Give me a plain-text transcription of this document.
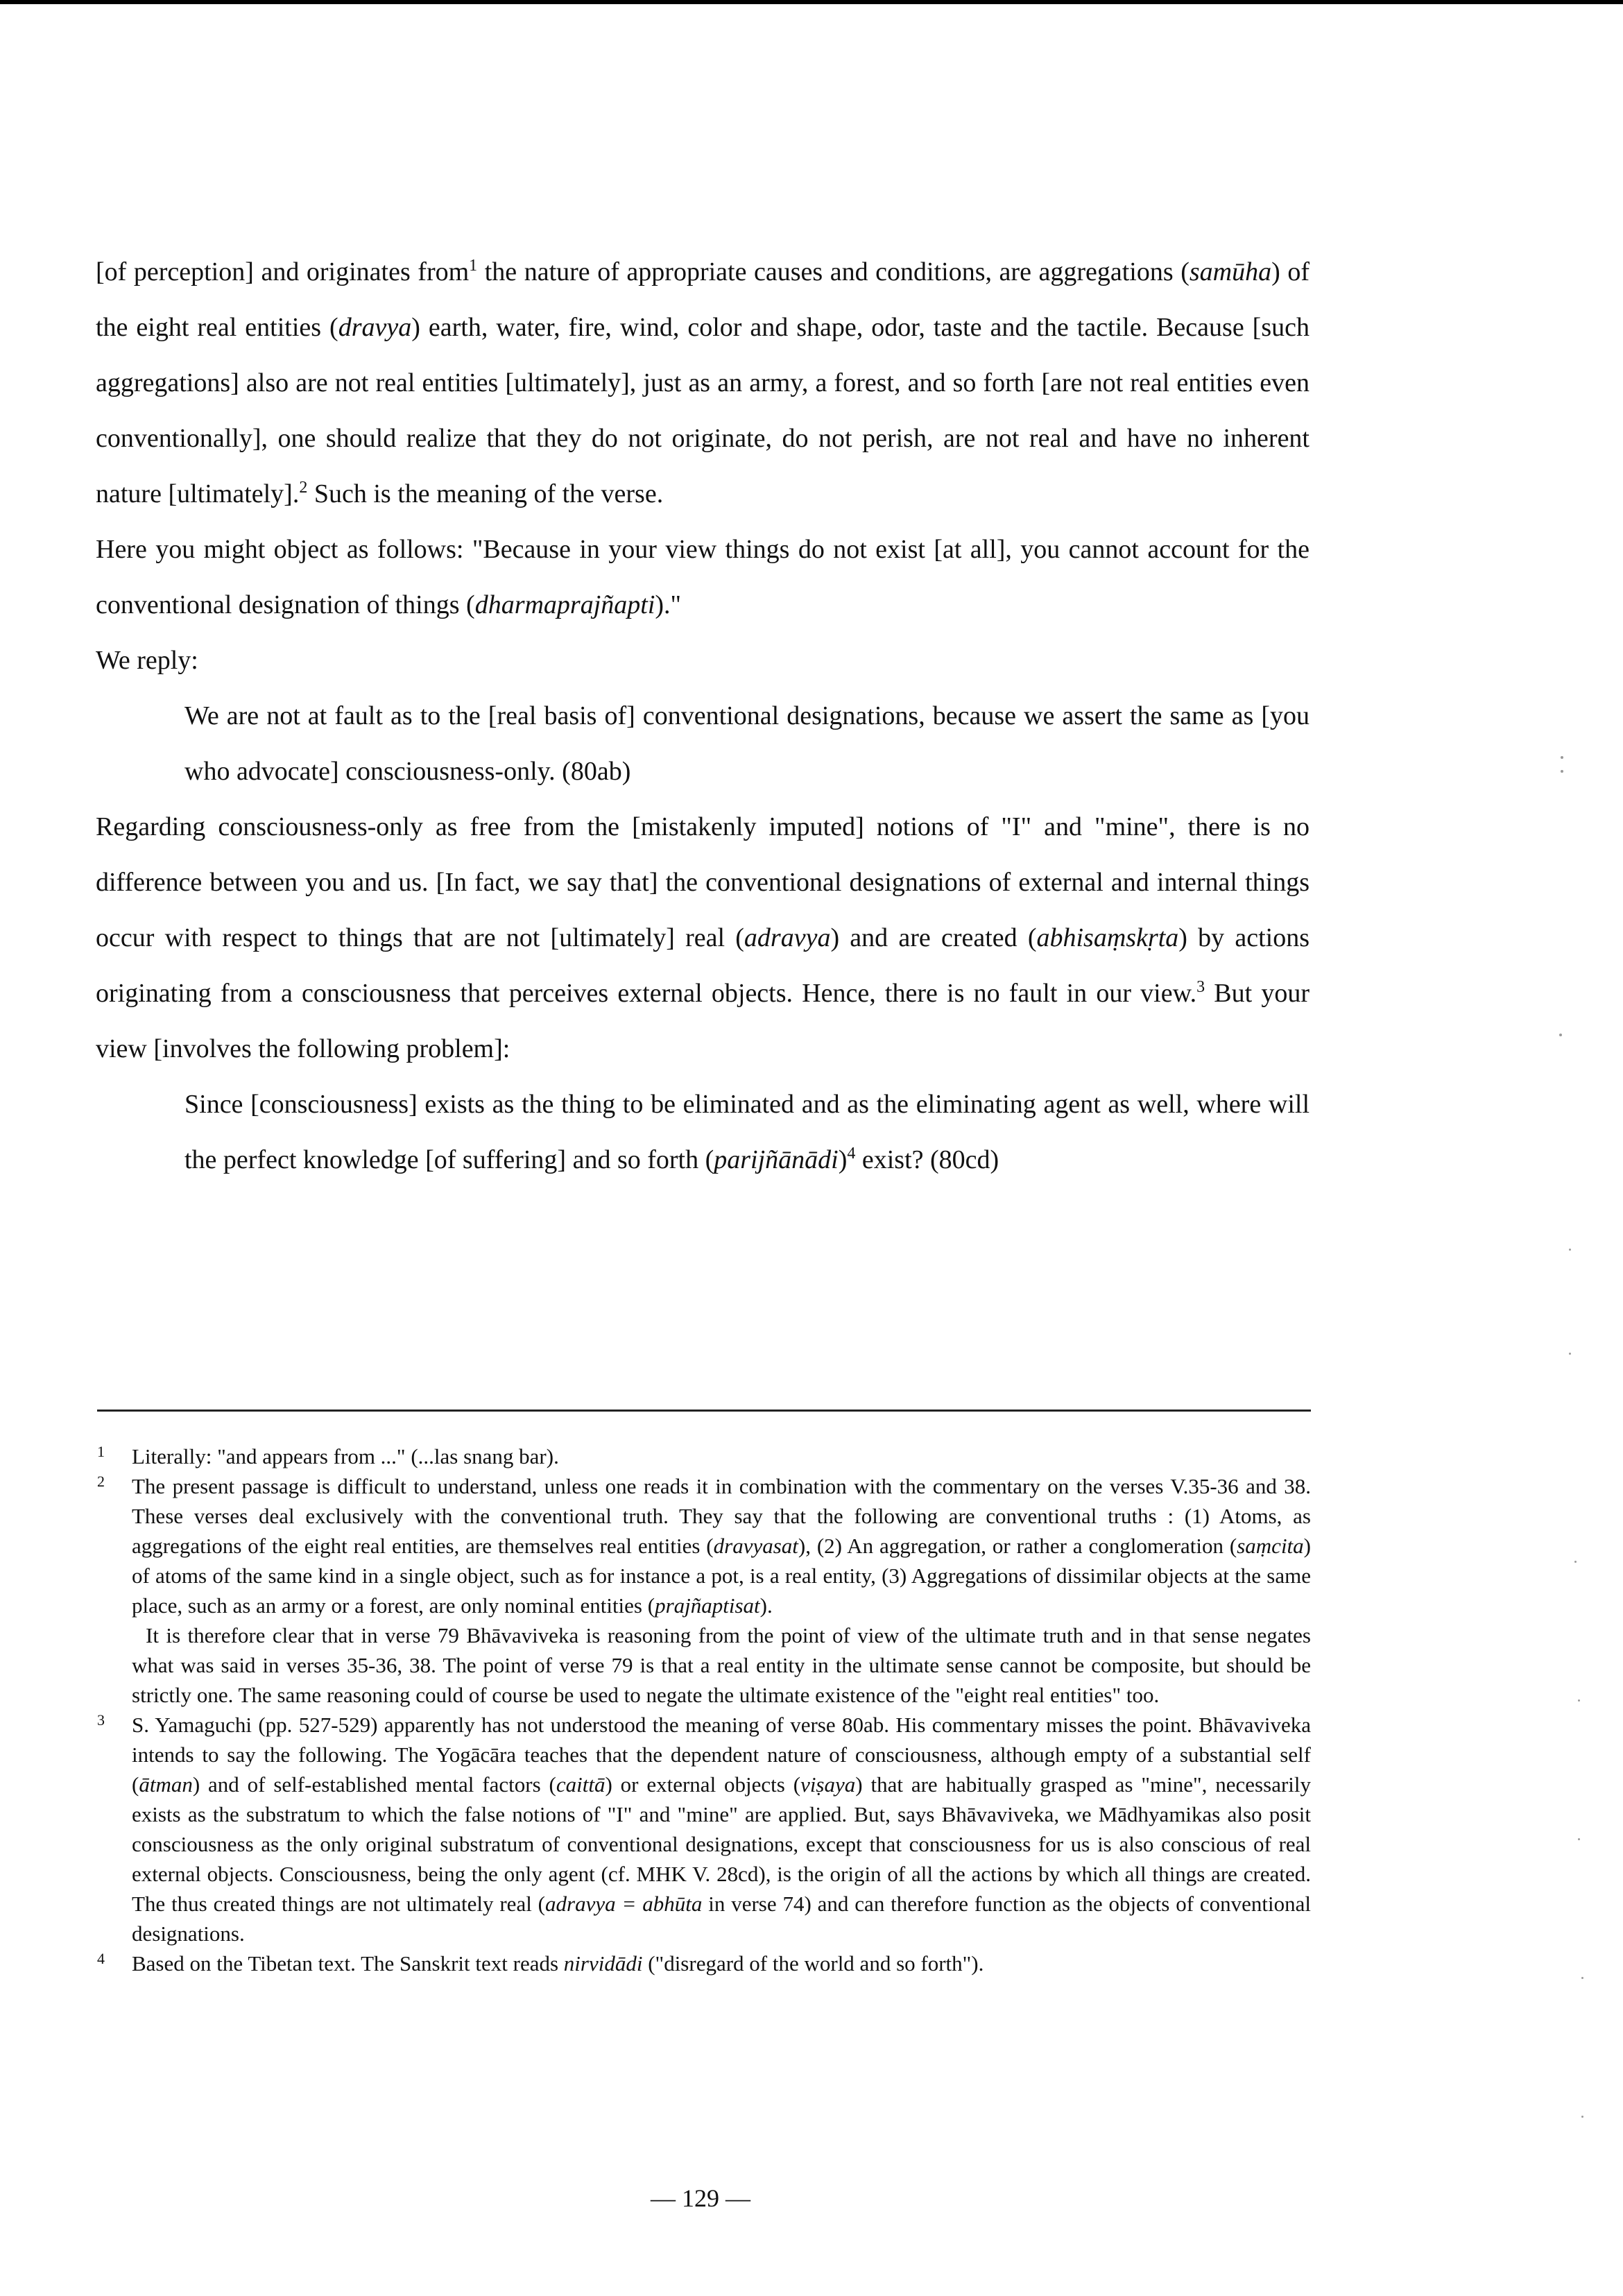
[of perception] and originates from$^1$ the nature of appropriate causes and conditions, are aggregations (samūha) of the eight real entities (dravya) earth, water, fire, wind, color and shape, odor, taste and the tactile. Because [such aggregations] also are not real entities [ultimately], just as an army, a forest, and so forth [are not real entities even conventionally], one should realize that they do not originate, do not perish, are not real and have no inherent nature [ultimately].$^2$ Such is the meaning of the verse.

Here you might object as follows: "Because in your view things do not exist [at all], you cannot account for the conventional designation of things (dharmaprajñapti)."

We reply:

We are not at fault as to the [real basis of] conventional designations, because we assert the same as [you who advocate] consciousness-only. (80ab)

Regarding consciousness-only as free from the [mistakenly imputed] notions of "I" and "mine", there is no difference between you and us. [In fact, we say that] the conventional designations of external and internal things occur with respect to things that are not [ultimately] real (adravya) and are created (abhisaṃskṛta) by actions originating from a consciousness that perceives external objects. Hence, there is no fault in our view.$^3$ But your view [involves the following problem]:

Since [consciousness] exists as the thing to be eliminated and as the eliminating agent as well, where will the perfect knowledge [of suffering] and so forth (parijñānādi)$^4$ exist? (80cd)

1 Literally: "and appears from ..." (...las snang bar).

2 The present passage is difficult to understand, unless one reads it in combination with the commentary on the verses V.35-36 and 38. These verses deal exclusively with the conventional truth. They say that the following are conventional truths : (1) Atoms, as aggregations of the eight real entities, are themselves real entities (dravyasat), (2) An aggregation, or rather a conglomeration (saṃcita) of atoms of the same kind in a single object, such as for instance a pot, is a real entity, (3) Aggregations of dissimilar objects at the same place, such as an army or a forest, are only nominal entities (prajñaptisat).

It is therefore clear that in verse 79 Bhāvaviveka is reasoning from the point of view of the ultimate truth and in that sense negates what was said in verses 35-36, 38. The point of verse 79 is that a real entity in the ultimate sense cannot be composite, but should be strictly one. The same reasoning could of course be used to negate the ultimate existence of the "eight real entities" too.

3 S. Yamaguchi (pp. 527-529) apparently has not understood the meaning of verse 80ab. His commentary misses the point. Bhāvaviveka intends to say the following. The Yogācāra teaches that the dependent nature of consciousness, although empty of a substantial self (ātman) and of self-established mental factors (caittā) or external objects (viṣaya) that are habitually grasped as "mine", necessarily exists as the substratum to which the false notions of "I" and "mine" are applied. But, says Bhāvaviveka, we Mādhyamikas also posit consciousness as the only original substratum of conventional designations, except that consciousness for us is also conscious of real external objects. Consciousness, being the only agent (cf. MHK V. 28cd), is the origin of all the actions by which all things are created. The thus created things are not ultimately real (adravya = abhūta in verse 74) and can therefore function as the objects of conventional designations.

4 Based on the Tibetan text. The Sanskrit text reads nirvidādi ("disregard of the world and so forth").

— 129 —
